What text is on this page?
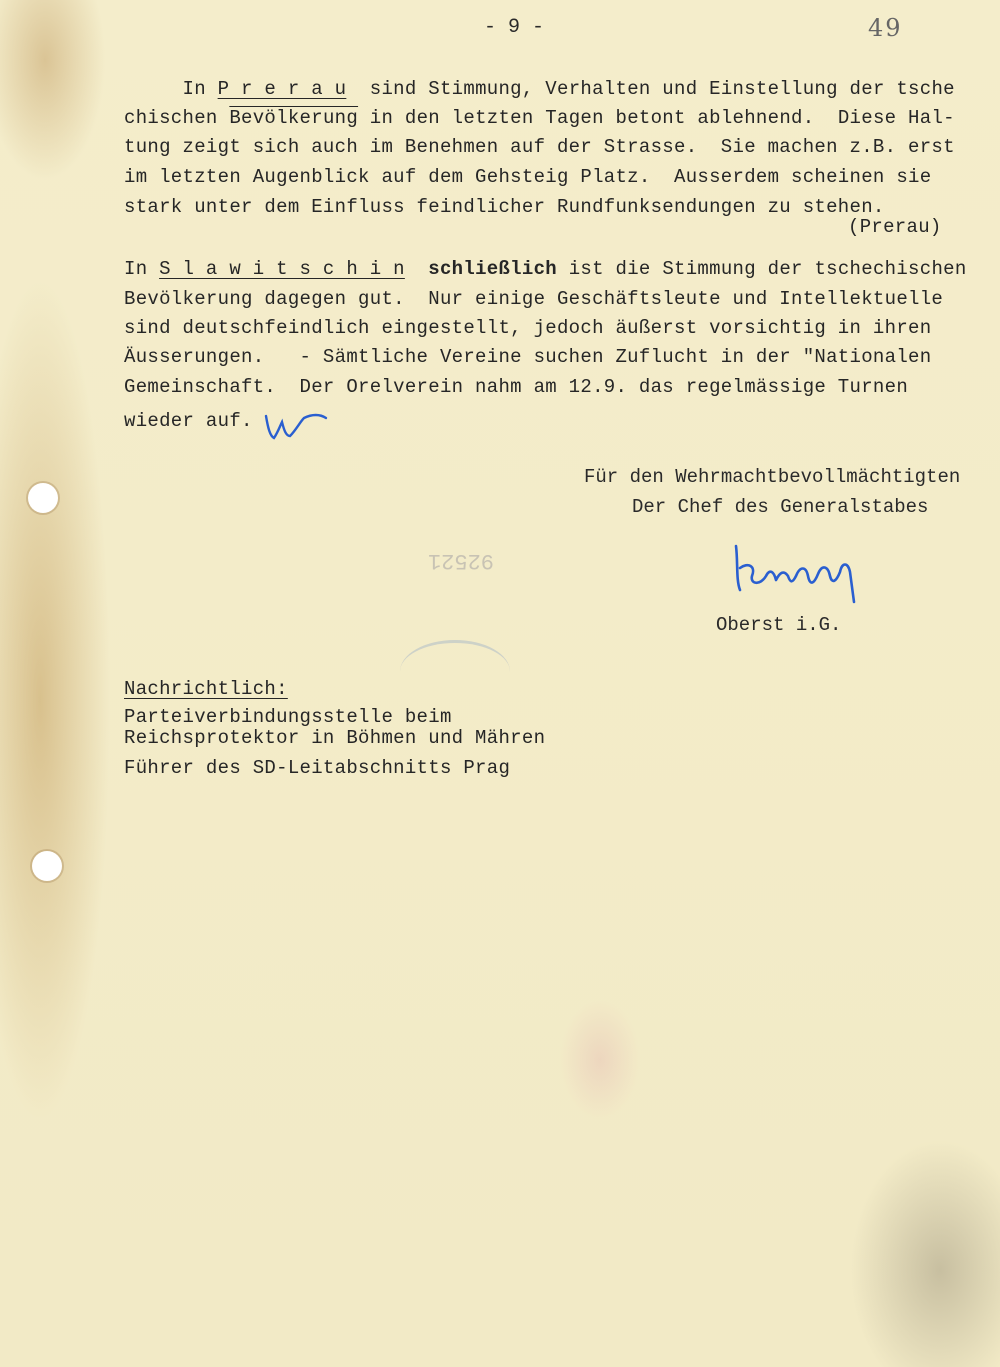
- 9 -	49
In P r e r a u  sind Stimmung, Verhalten und Einstellung der tsche
chischen Bevölkerung in den letzten Tagen betont ablehnend.  Diese Hal-
tung zeigt sich auch im Benehmen auf der Strasse.  Sie machen z.B. erst
im letzten Augenblick auf dem Gehsteig Platz.  Ausserdem scheinen sie
stark unter dem Einfluss feindlicher Rundfunksendungen zu stehen.
(Prerau)
In S l a w i t s c h i n schließlich ist die Stimmung der tschechischen
Bevölkerung dagegen gut.  Nur einige Geschäftsleute und Intellektuelle
sind deutschfeindlich eingestellt, jedoch äußerst vorsichtig in ihren
Äusserungen.   - Sämtliche Vereine suchen Zuflucht in der "Nationalen
Gemeinschaft.  Der Orelverein nahm am 12.9. das regelmässige Turnen
wieder auf.
Für den Wehrmachtbevollmächtigten
Der Chef des Generalstabes
Oberst i.G.
92521
Nachrichtlich:
Parteiverbindungsstelle beim
Reichsprotektor in Böhmen und Mähren
Führer des SD-Leitabschnitts Prag
